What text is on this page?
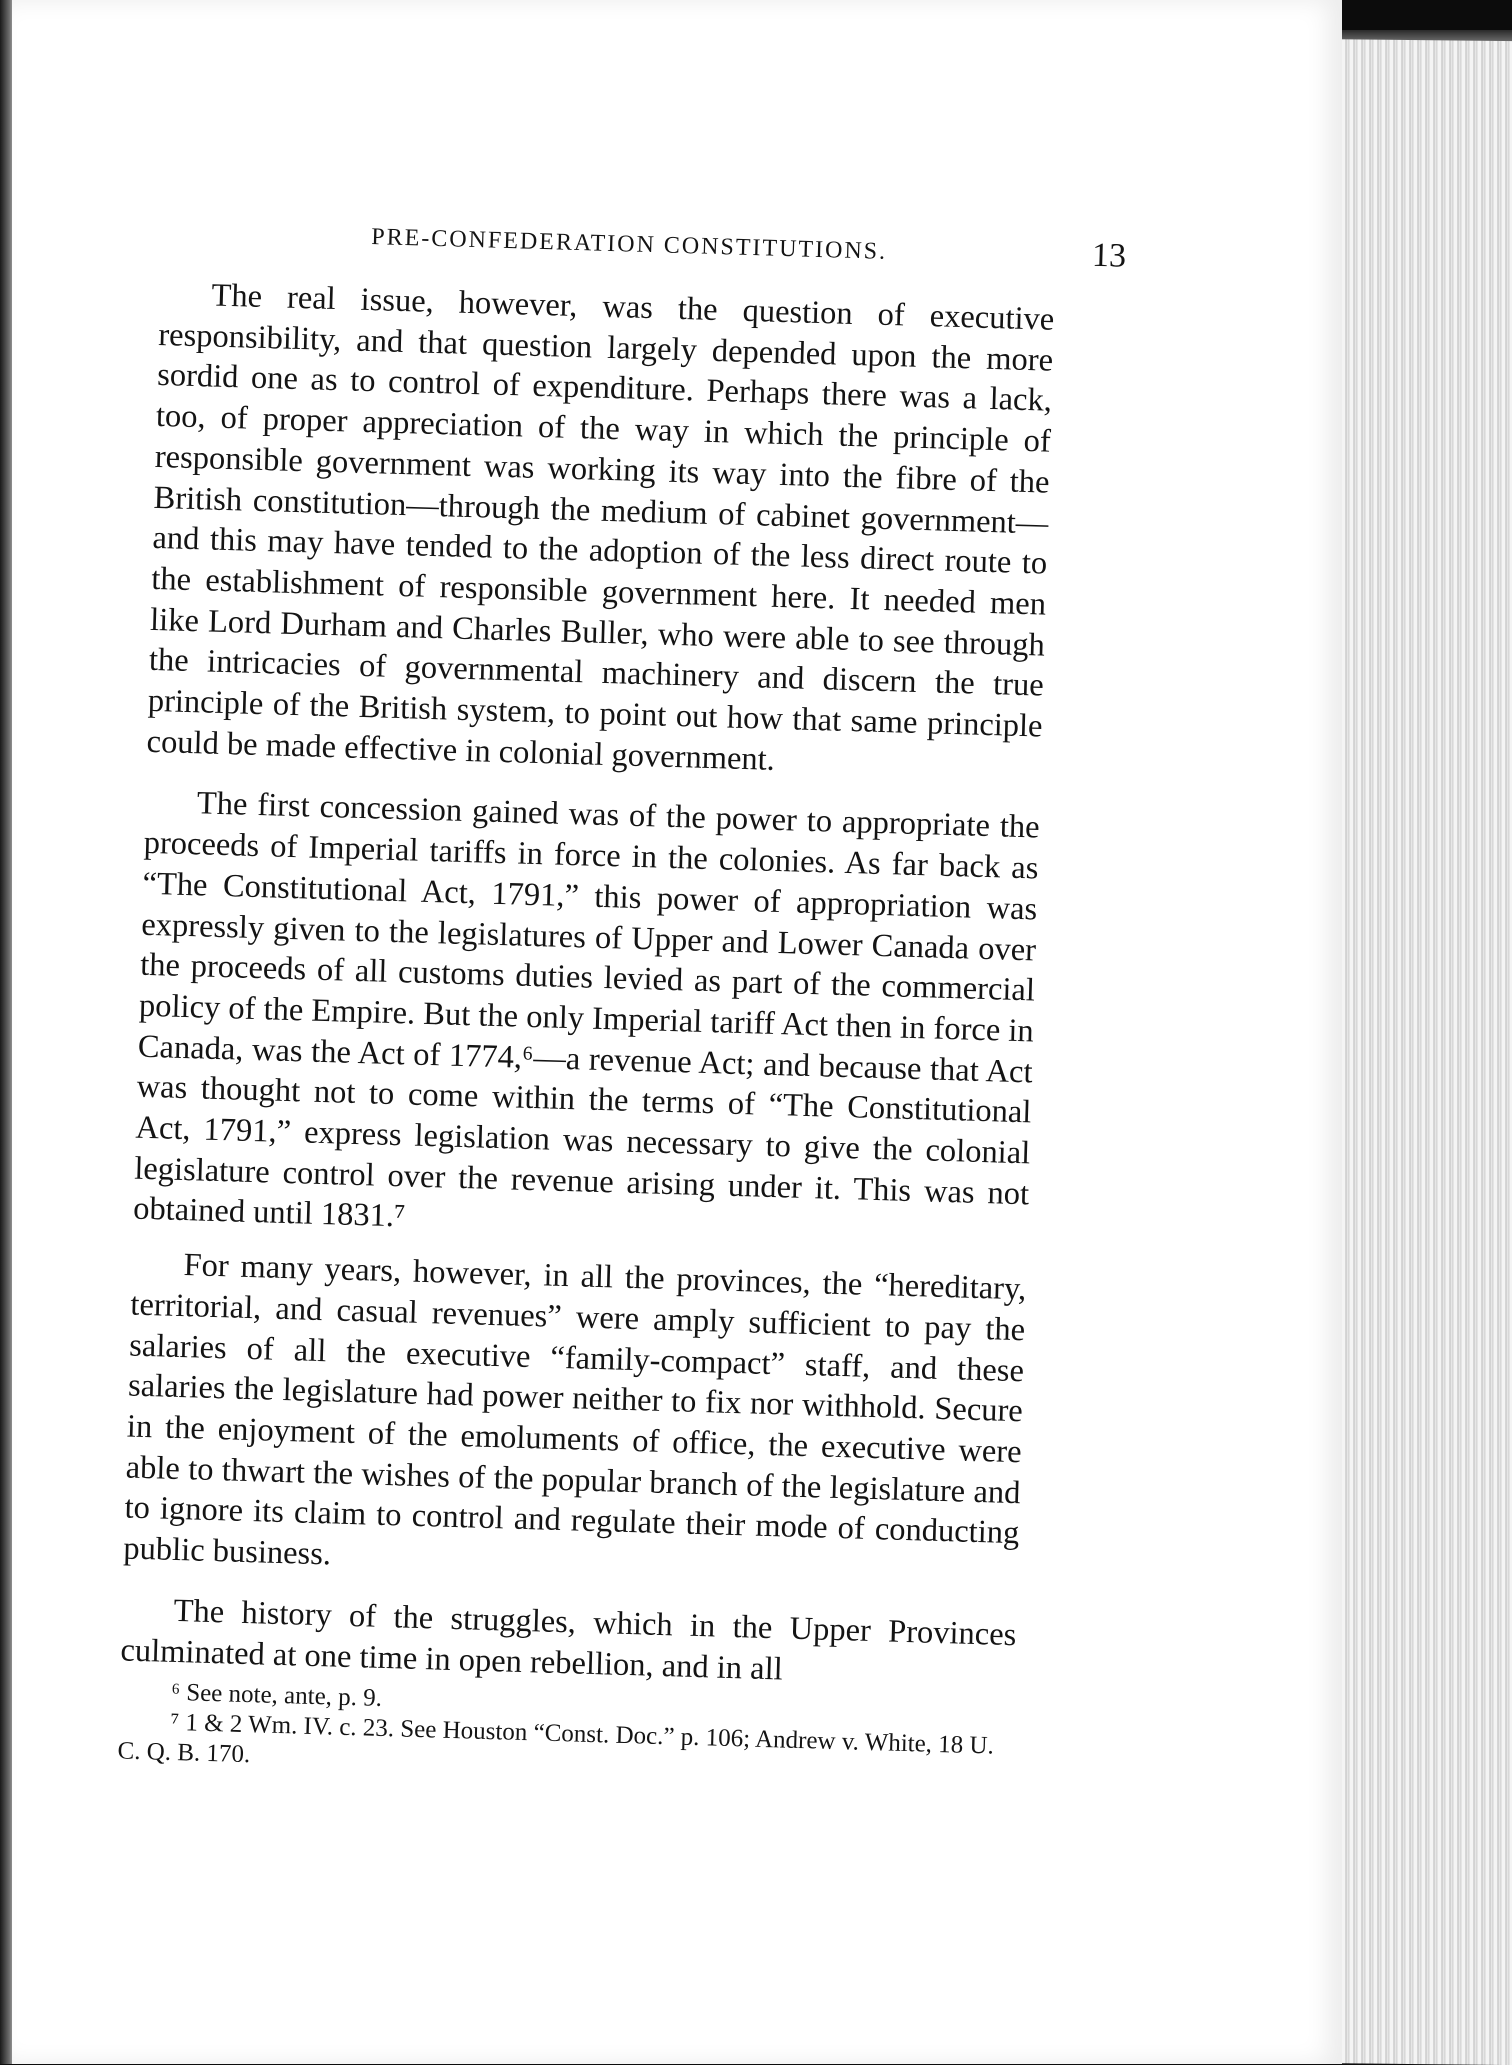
PRE-CONFEDERATION CONSTITUTIONS.	13

The real issue, however, was the question of executive responsibility, and that question largely depended upon the more sordid one as to control of expenditure. Perhaps there was a lack, too, of proper appreciation of the way in which the principle of responsible government was working its way into the fibre of the British constitution—through the medium of cabinet government—and this may have tended to the adoption of the less direct route to the establishment of responsible government here. It needed men like Lord Durham and Charles Buller, who were able to see through the intricacies of governmental machinery and discern the true principle of the British system, to point out how that same principle could be made effective in colonial government.

The first concession gained was of the power to appropriate the proceeds of Imperial tariffs in force in the colonies. As far back as “The Constitutional Act, 1791,” this power of appropriation was expressly given to the legislatures of Upper and Lower Canada over the proceeds of all customs duties levied as part of the commercial policy of the Empire. But the only Imperial tariff Act then in force in Canada, was the Act of 1774,⁶—a revenue Act; and because that Act was thought not to come within the terms of “The Constitutional Act, 1791,” express legislation was necessary to give the colonial legislature control over the revenue arising under it. This was not obtained until 1831.⁷

For many years, however, in all the provinces, the “hereditary, territorial, and casual revenues” were amply sufficient to pay the salaries of all the executive “family-compact” staff, and these salaries the legislature had power neither to fix nor withhold. Secure in the enjoyment of the emoluments of office, the executive were able to thwart the wishes of the popular branch of the legislature and to ignore its claim to control and regulate their mode of conducting public business.

The history of the struggles, which in the Upper Provinces culminated at one time in open rebellion, and in all

⁶ See note, ante, p. 9.

⁷ 1 & 2 Wm. IV. c. 23. See Houston “Const. Doc.” p. 106; Andrew v. White, 18 U. C. Q. B. 170.
